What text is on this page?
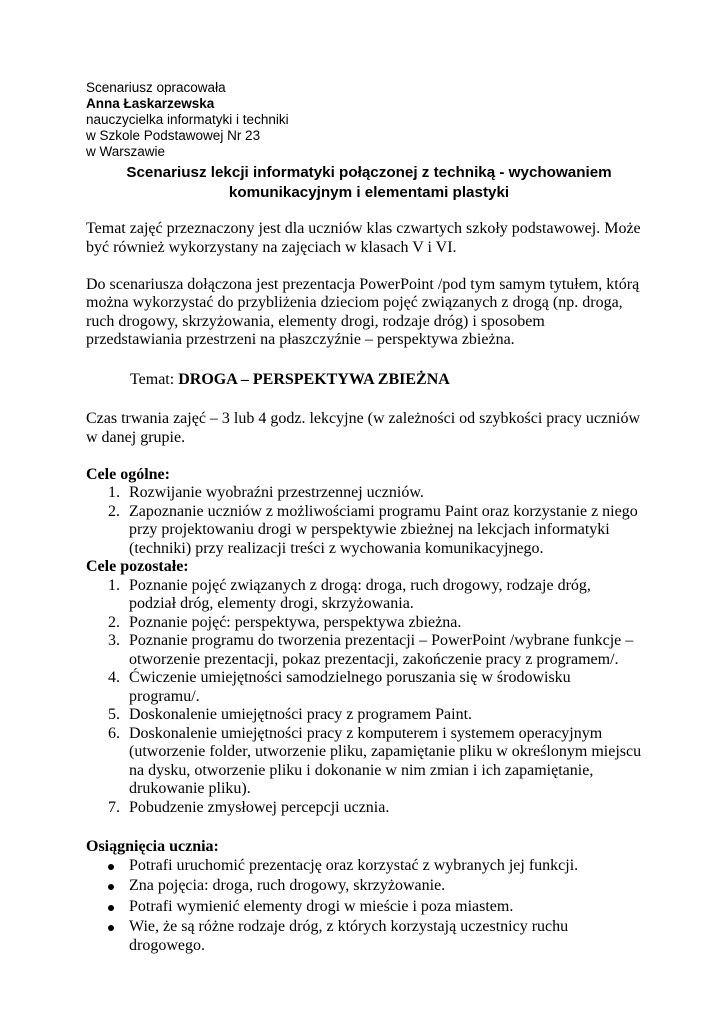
Scenariusz opracowała
Anna Łaskarzewska
nauczycielka informatyki i techniki
w Szkole Podstawowej Nr 23
w Warszawie
Scenariusz lekcji informatyki połączonej z techniką - wychowaniem
komunikacyjnym i elementami plastyki

Temat zajęć przeznaczony jest dla uczniów klas czwartych szkoły podstawowej. Może
być również wykorzystany na zajęciach w klasach V i VI.

Do scenariusza dołączona jest prezentacja PowerPoint /pod tym samym tytułem, którą
można wykorzystać do przybliżenia dzieciom pojęć związanych z drogą (np. droga,
ruch drogowy, skrzyżowania, elementy drogi, rodzaje dróg) i sposobem
przedstawiania przestrzeni na płaszczyźnie – perspektywa zbieżna.

Temat: DROGA – PERSPEKTYWA ZBIEŻNA

Czas trwania zajęć – 3 lub 4 godz. lekcyjne (w zależności od szybkości pracy uczniów
w danej grupie.

Cele ogólne:
1. Rozwijanie wyobraźni przestrzennej uczniów.
2. Zapoznanie uczniów z możliwościami programu Paint oraz korzystanie z niego
przy projektowaniu drogi w perspektywie zbieżnej na lekcjach informatyki
(techniki) przy realizacji treści z wychowania komunikacyjnego.
Cele pozostałe:
1. Poznanie pojęć związanych z drogą: droga, ruch drogowy, rodzaje dróg,
podział dróg, elementy drogi, skrzyżowania.
2. Poznanie pojęć: perspektywa, perspektywa zbieżna.
3. Poznanie programu do tworzenia prezentacji – PowerPoint /wybrane funkcje –
otworzenie prezentacji, pokaz prezentacji, zakończenie pracy z programem/.
4. Ćwiczenie umiejętności samodzielnego poruszania się w środowisku
programu/.
5. Doskonalenie umiejętności pracy z programem Paint.
6. Doskonalenie umiejętności pracy z komputerem i systemem operacyjnym
(utworzenie folder, utworzenie pliku, zapamiętanie pliku w określonym miejscu
na dysku, otworzenie pliku i dokonanie w nim zmian i ich zapamiętanie,
drukowanie pliku).
7. Pobudzenie zmysłowej percepcji ucznia.
Osiągnięcia ucznia:
Potrafi uruchomić prezentację oraz korzystać z wybranych jej funkcji.
Zna pojęcia: droga, ruch drogowy, skrzyżowanie.
Potrafi wymienić elementy drogi w mieście i poza miastem.
Wie, że są różne rodzaje dróg, z których korzystają uczestnicy ruchu
drogowego.
